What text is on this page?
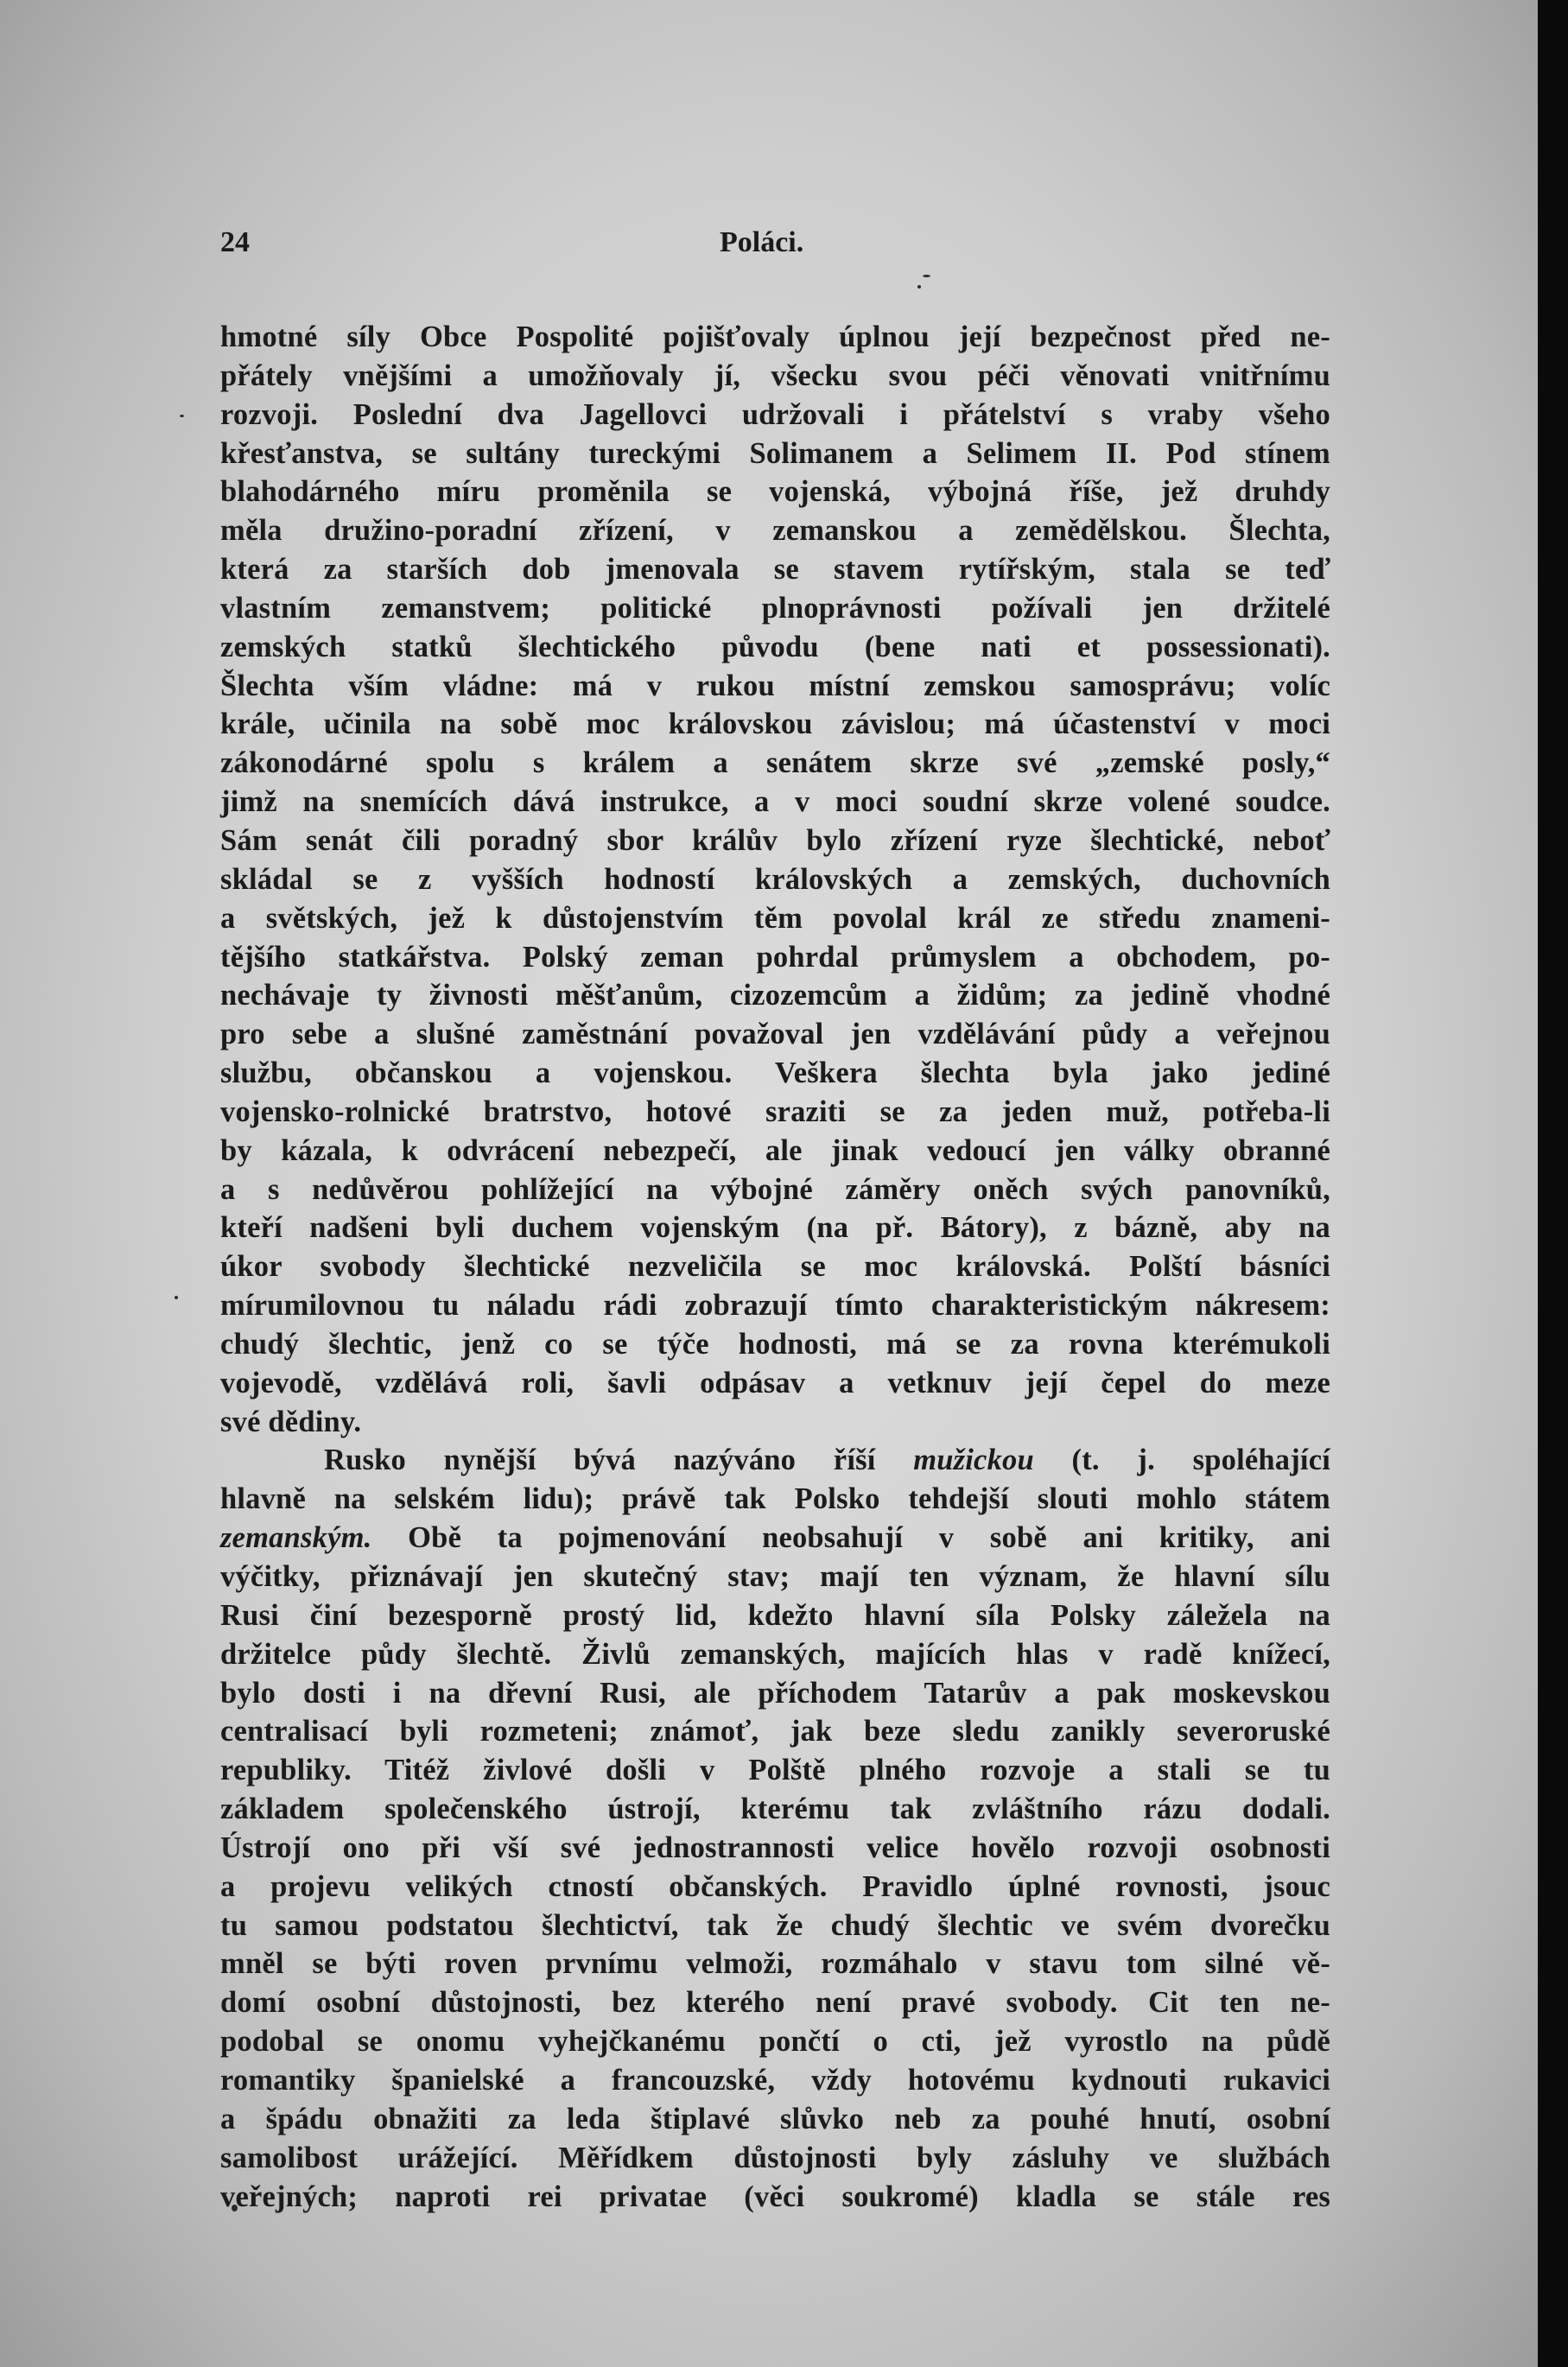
24	Poláci.
hmotné síly Obce Pospolité pojišťovaly úplnou její bezpečnost před ne-
přátely vnějšími a umožňovaly jí, všecku svou péči věnovati vnitřnímu
rozvoji. Poslední dva Jagellovci udržovali i přátelství s vraby všeho
křesťanstva, se sultány tureckými Solimanem a Selimem II. Pod stínem
blahodárného míru proměnila se vojenská, výbojná říše, jež druhdy
měla družino-poradní zřízení, v zemanskou a zemědělskou. Šlechta,
která za starších dob jmenovala se stavem rytířským, stala se teď
vlastním zemanstvem; politické plnoprávnosti požívali jen držitelé
zemských statků šlechtického původu (bene nati et possessionati).
Šlechta vším vládne: má v rukou místní zemskou samosprávu; volíc
krále, učinila na sobě moc královskou závislou; má účastenství v moci
zákonodárné spolu s králem a senátem skrze své „zemské posly,“
jimž na snemících dává instrukce, a v moci soudní skrze volené soudce.
Sám senát čili poradný sbor králův bylo zřízení ryze šlechtické, neboť
skládal se z vyšších hodností královských a zemských, duchovních
a světských, jež k důstojenstvím těm povolal král ze středu znameni-
tějšího statkářstva. Polský zeman pohrdal průmyslem a obchodem, po-
nechávaje ty živnosti měšťanům, cizozemcům a židům; za jedině vhodné
pro sebe a slušné zaměstnání považoval jen vzdělávání půdy a veřejnou
službu, občanskou a vojenskou. Veškera šlechta byla jako jediné
vojensko-rolnické bratrstvo, hotové sraziti se za jeden muž, potřeba-li
by kázala, k odvrácení nebezpečí, ale jinak vedoucí jen války obranné
a s nedůvěrou pohlížející na výbojné záměry oněch svých panovníků,
kteří nadšeni byli duchem vojenským (na př. Bátory), z bázně, aby na
úkor svobody šlechtické nezveličila se moc královská. Polští básníci
mírumilovnou tu náladu rádi zobrazují tímto charakteristickým nákresem:
chudý šlechtic, jenž co se týče hodnosti, má se za rovna kterémukoli
vojevodě, vzdělává roli, šavli odpásav a vetknuv její čepel do meze
své dědiny.
Rusko nynější bývá nazýváno říší mužickou (t. j. spoléhající
hlavně na selském lidu); právě tak Polsko tehdejší slouti mohlo státem
zemanským. Obě ta pojmenování neobsahují v sobě ani kritiky, ani
výčitky, přiznávají jen skutečný stav; mají ten význam, že hlavní sílu
Rusi činí bezesporně prostý lid, kdežto hlavní síla Polsky záležela na
držitelce půdy šlechtě. Živlů zemanských, majících hlas v radě knížecí,
bylo dosti i na dřevní Rusi, ale příchodem Tatarův a pak moskevskou
centralisací byli rozmeteni; známoť, jak beze sledu zanikly severoruské
republiky. Titéž živlové došli v Polště plného rozvoje a stali se tu
základem společenského ústrojí, kterému tak zvláštního rázu dodali.
Ústrojí ono při vší své jednostrannosti velice hovělo rozvoji osobnosti
a projevu velikých ctností občanských. Pravidlo úplné rovnosti, jsouc
tu samou podstatou šlechtictví, tak že chudý šlechtic ve svém dvorečku
mněl se býti roven prvnímu velmoži, rozmáhalo v stavu tom silné vě-
domí osobní důstojnosti, bez kterého není pravé svobody. Cit ten ne-
podobal se onomu vyhejčkanému pončtí o cti, jež vyrostlo na půdě
romantiky španielské a francouzské, vždy hotovému kydnouti rukavici
a špádu obnažiti za leda štiplavé slůvko neb za pouhé hnutí, osobní
samolibost urážející. Měřídkem důstojnosti byly zásluhy ve službách
veřejných; naproti rei privatae (věci soukromé) kladla se stále res
